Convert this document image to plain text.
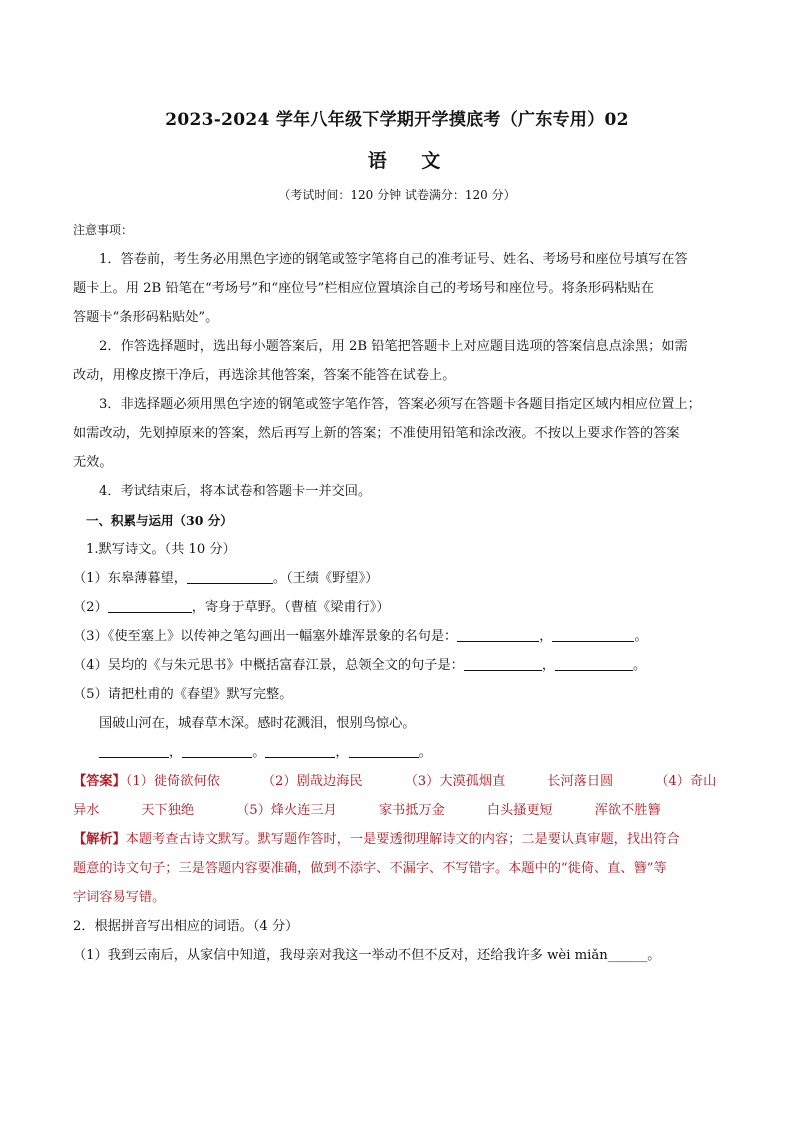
2023-2024 学年八年级下学期开学摸底考（广东专用）02
语 文
（考试时间：120 分钟 试卷满分：120 分）
注意事项：
1．答卷前，考生务必用黑色字迹的钢笔或签字笔将自己的准考证号、姓名、考场号和座位号填写在答
题卡上。用 2B 铅笔在“考场号”和“座位号”栏相应位置填涂自己的考场号和座位号。将条形码粘贴在
答题卡“条形码粘贴处”。
2．作答选择题时，选出每小题答案后，用 2B 铅笔把答题卡上对应题目选项的答案信息点涂黑；如需
改动，用橡皮擦干净后，再选涂其他答案，答案不能答在试卷上。
3．非选择题必须用黑色字迹的钢笔或签字笔作答，答案必须写在答题卡各题目指定区域内相应位置上；
如需改动，先划掉原来的答案，然后再写上新的答案；不准使用铅笔和涂改液。不按以上要求作答的答案
无效。
4．考试结束后，将本试卷和答题卡一并交回。
一、积累与运用（30 分）
1.默写诗文。（共 10 分）
（1）东皋薄暮望，	。（王绩《野望》）
（2）	，寄身于草野。（曹植《梁甫行》）
（3）《使至塞上》以传神之笔勾画出一幅塞外雄浑景象的名句是：	，	。
（4）吴均的《与朱元思书》中概括富春江景，总领全文的句子是：	，	。
（5）请把杜甫的《春望》默写完整。
国破山河在，城春草木深。感时花溅泪，恨别鸟惊心。
，	。	，	。
【答案】（1）徙倚欲何依	（2）剧哉边海民	（3）大漠孤烟直	长河落日圆	（4）奇山
异水	天下独绝	（5）烽火连三月	家书抵万金	白头搔更短	浑欲不胜簪
【解析】本题考查古诗文默写。默写题作答时，一是要透彻理解诗文的内容；二是要认真审题，找出符合
题意的诗文句子；三是答题内容要准确，做到不添字、不漏字、不写错字。本题中的“徙倚、直、簪”等
字词容易写错。
2．根据拼音写出相应的词语。（4 分）
（1）我到云南后，从家信中知道，我母亲对我这一举动不但不反对，还给我许多 wèi miǎn______。
